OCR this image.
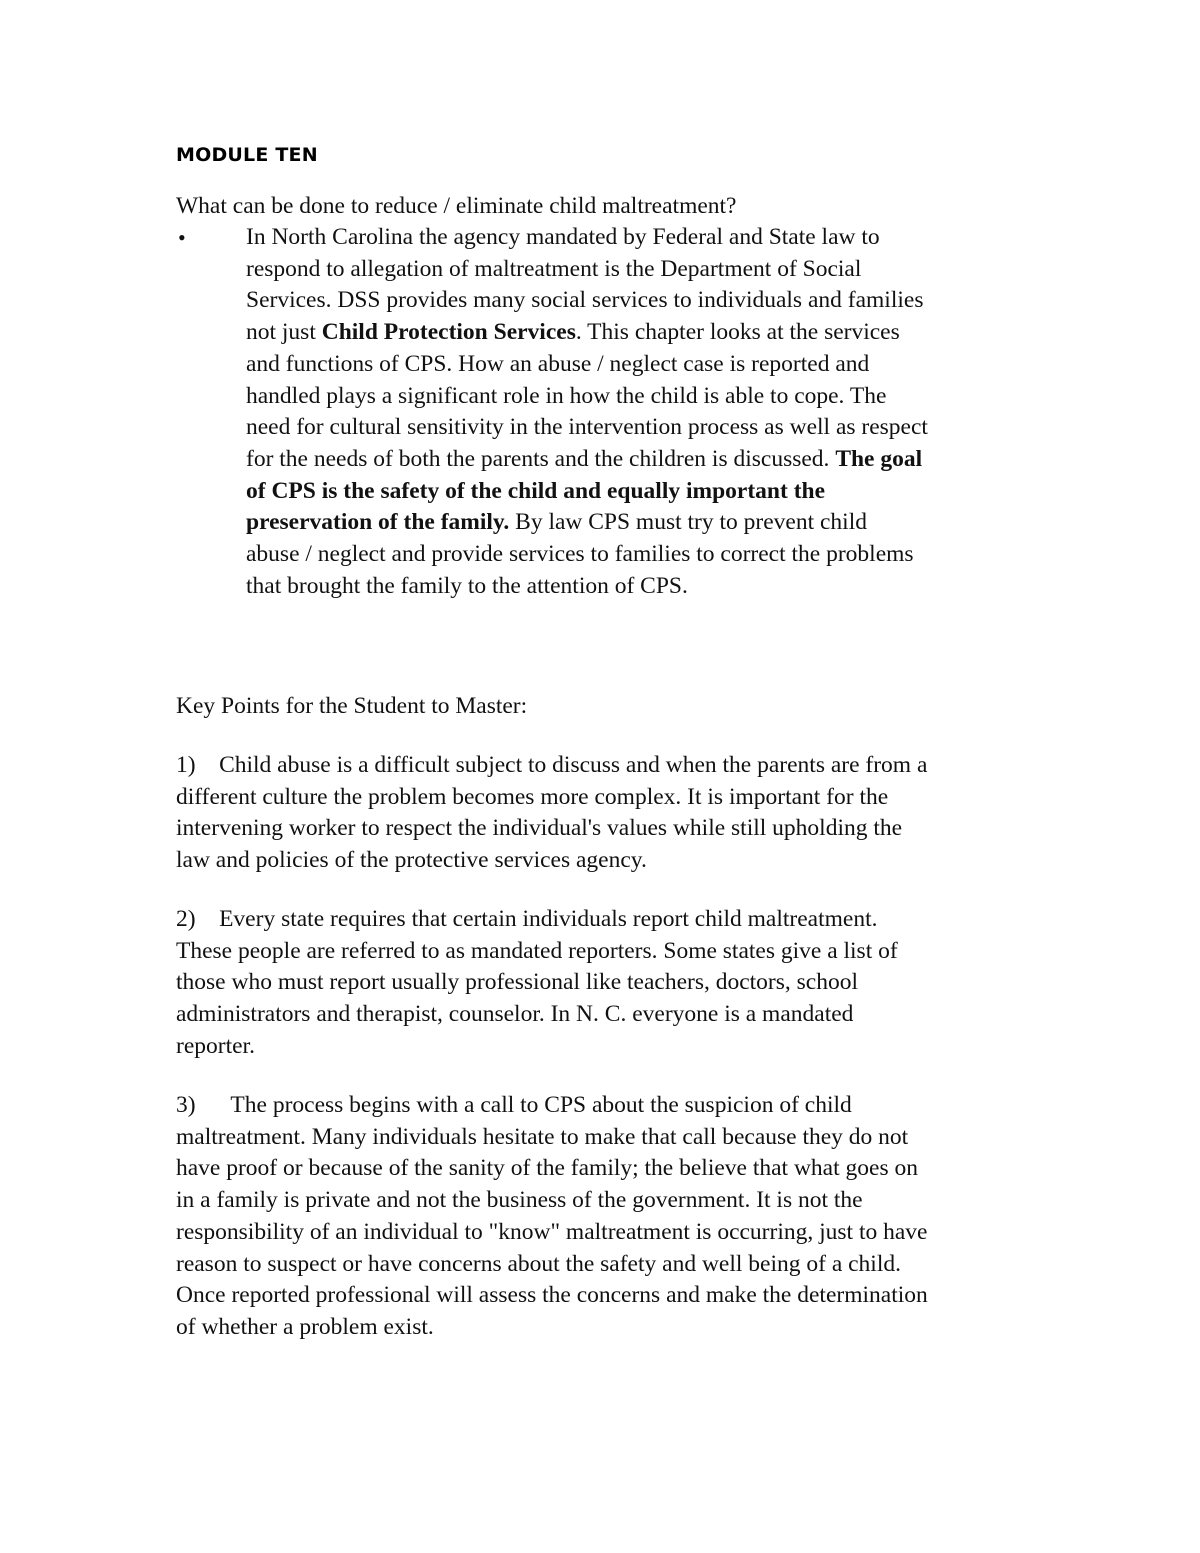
MODULE TEN
What can be done to reduce / eliminate child maltreatment?
•	In North Carolina the agency mandated by Federal and State law to
respond to allegation of maltreatment is the Department of Social
Services. DSS provides many social services to individuals and families
not just Child Protection Services. This chapter looks at the services
and functions of CPS. How an abuse / neglect case is reported and
handled plays a significant role in how the child is able to cope. The
need for cultural sensitivity in the intervention process as well as respect
for the needs of both the parents and the children is discussed. The goal
of CPS is the safety of the child and equally important the
preservation of the family. By law CPS must try to prevent child
abuse / neglect and provide services to families to correct the problems
that brought the family to the attention of CPS.
Key Points for the Student to Master:
1) Child abuse is a difficult subject to discuss and when the parents are from a
different culture the problem becomes more complex. It is important for the
intervening worker to respect the individual's values while still upholding the
law and policies of the protective services agency.
2) Every state requires that certain individuals report child maltreatment.
These people are referred to as mandated reporters. Some states give a list of
those who must report usually professional like teachers, doctors, school
administrators and therapist, counselor. In N. C. everyone is a mandated
reporter.
3) The process begins with a call to CPS about the suspicion of child
maltreatment. Many individuals hesitate to make that call because they do not
have proof or because of the sanity of the family; the believe that what goes on
in a family is private and not the business of the government. It is not the
responsibility of an individual to "know" maltreatment is occurring, just to have
reason to suspect or have concerns about the safety and well being of a child.
Once reported professional will assess the concerns and make the determination
of whether a problem exist.
